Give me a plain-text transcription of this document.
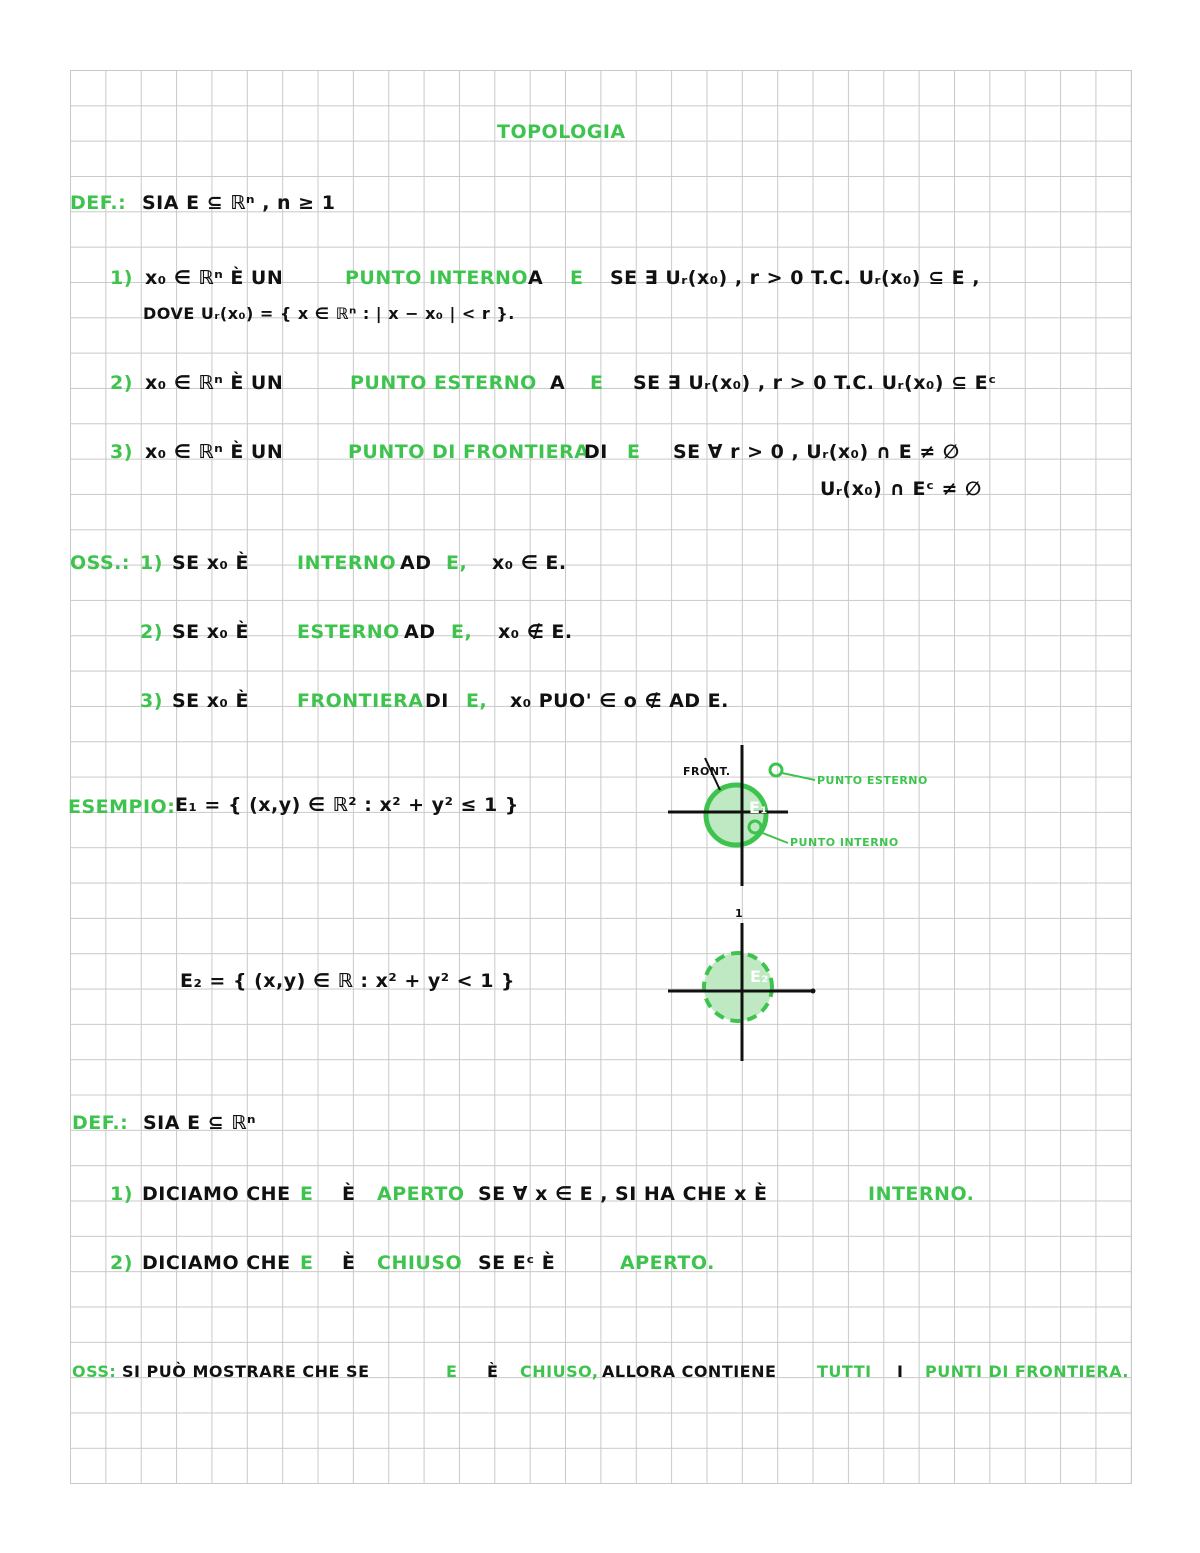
TOPOLOGIA
DEF.: SIA E ⊆ ℝⁿ , n ≥ 1
1) x₀ ∈ ℝⁿ È UN	PUNTO INTERNO A E SE ∃ Uᵣ(x₀) , r > 0 T.C. Uᵣ(x₀) ⊆ E ,
DOVE Uᵣ(x₀) = { x ∈ ℝⁿ : | x − x₀ | < r }.
2) x₀ ∈ ℝⁿ È UN	PUNTO ESTERNO A E SE ∃ Uᵣ(x₀) , r > 0 T.C. Uᵣ(x₀) ⊆ Eᶜ
3) x₀ ∈ ℝⁿ È UN	PUNTO DI FRONTIERA
DI E SE ∀ r > 0 , Uᵣ(x₀) ∩ E ≠ ∅
Uᵣ(x₀) ∩ Eᶜ ≠ ∅
OSS.: 1) SE x₀ È	INTERNO AD E, x₀ ∈ E.
2) SE x₀ È	ESTERNO AD E, x₀ ∉ E.
3) SE x₀ È	FRONTIERA DI E, x₀ PUO' ∈ o ∉ AD E.
ESEMPIO: E₁ = { (x,y) ∈ ℝ² : x² + y² ≤ 1 }
E₂ = { (x,y) ∈ ℝ : x² + y² < 1 }
FRONT.
E₁
PUNTO ESTERNO
PUNTO INTERNO
1
E₂
DEF.: SIA E ⊆ ℝⁿ
1) DICIAMO CHE E È APERTO SE ∀ x ∈ E , SI HA CHE x È	INTERNO.
2) DICIAMO CHE E È CHIUSO SE Eᶜ È	APERTO.
OSS: SI PUÒ MOSTRARE CHE SE	E È CHIUSO, ALLORA CONTIENE	TUTTI I PUNTI DI FRONTIERA.
